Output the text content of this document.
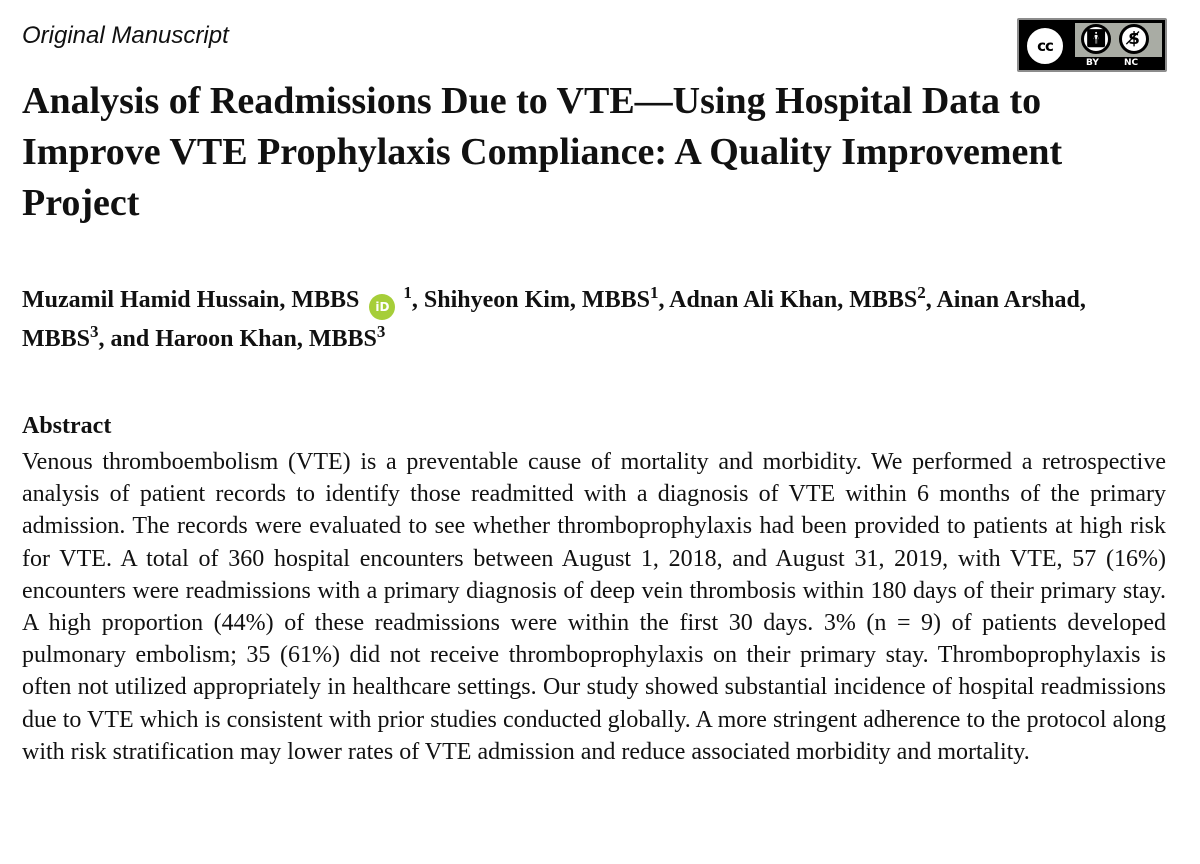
Original Manuscript	cc	🚹︎	$̸
BY	NC
Analysis of Readmissions Due to VTE—Using Hospital Data to Improve VTE Prophylaxis Compliance: A Quality Improvement Project

Muzamil Hamid Hussain, MBBS iD $^1$, Shihyeon Kim, MBBS$^1$, Adnan Ali Khan, MBBS$^2$, Ainan Arshad, MBBS$^3$, and Haroon Khan, MBBS$^3$

Abstract

Venous thromboembolism (VTE) is a preventable cause of mortality and morbidity. We performed a retrospective analysis of patient records to identify those readmitted with a diagnosis of VTE within 6 months of the primary admission. The records were evaluated to see whether thromboprophylaxis had been provided to patients at high risk for VTE. A total of 360 hospital encounters between August 1, 2018, and August 31, 2019, with VTE, 57 (16%) encounters were readmissions with a primary diagnosis of deep vein thrombosis within 180 days of their primary stay. A high proportion (44%) of these readmissions were within the first 30 days. 3% (n = 9) of patients developed pulmonary embolism; 35 (61%) did not receive thromboprophylaxis on their primary stay. Thromboprophylaxis is often not utilized appropriately in healthcare settings. Our study showed substantial incidence of hospital readmissions due to VTE which is consistent with prior studies conducted globally. A more stringent adherence to the protocol along with risk stratification may lower rates of VTE admission and reduce associated morbidity and mortality.
